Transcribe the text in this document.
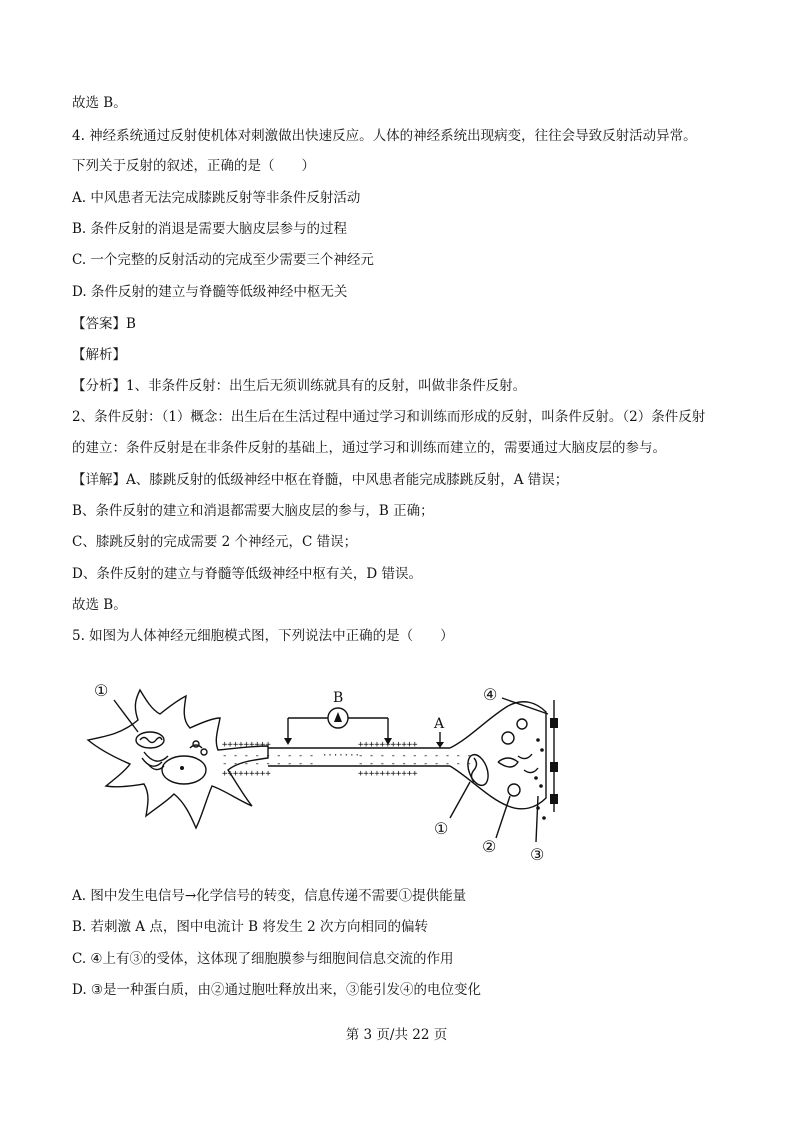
故选 B。
4. 神经系统通过反射使机体对刺激做出快速反应。人体的神经系统出现病变，往往会导致反射活动异常。
下列关于反射的叙述，正确的是（　　）
A. 中风患者无法完成膝跳反射等非条件反射活动
B. 条件反射的消退是需要大脑皮层参与的过程
C. 一个完整的反射活动的完成至少需要三个神经元
D. 条件反射的建立与脊髓等低级神经中枢无关
【答案】B
【解析】
【分析】1、非条件反射：出生后无须训练就具有的反射，叫做非条件反射。
2、条件反射：（1）概念：出生后在生活过程中通过学习和训练而形成的反射，叫条件反射。（2）条件反射
的建立：条件反射是在非条件反射的基础上，通过学习和训练而建立的，需要通过大脑皮层的参与。
【详解】A、膝跳反射的低级神经中枢在脊髓，中风患者能完成膝跳反射，A 错误；
B、条件反射的建立和消退都需要大脑皮层的参与，B 正确；
C、膝跳反射的完成需要 2 个神经元，C 错误；
D、条件反射的建立与脊髓等低级神经中枢有关，D 错误。
故选 B。
5. 如图为人体神经元细胞模式图，下列说法中正确的是（　　）
+++++++++
- - - - - - - - -
- - - - - - - - -
+++++++++
·······
+++++++++++
- - - - - - - - - - -
- - - - - - - - - - -
+++++++++++
①	B
A
④
①
② ③
A. 图中发生电信号→化学信号的转变，信息传递不需要①提供能量
B. 若刺激 A 点，图中电流计 B 将发生 2 次方向相同的偏转
C. ④上有③的受体，这体现了细胞膜参与细胞间信息交流的作用
D. ③是一种蛋白质，由②通过胞吐释放出来，③能引发④的电位变化
第 3 页/共 22 页
